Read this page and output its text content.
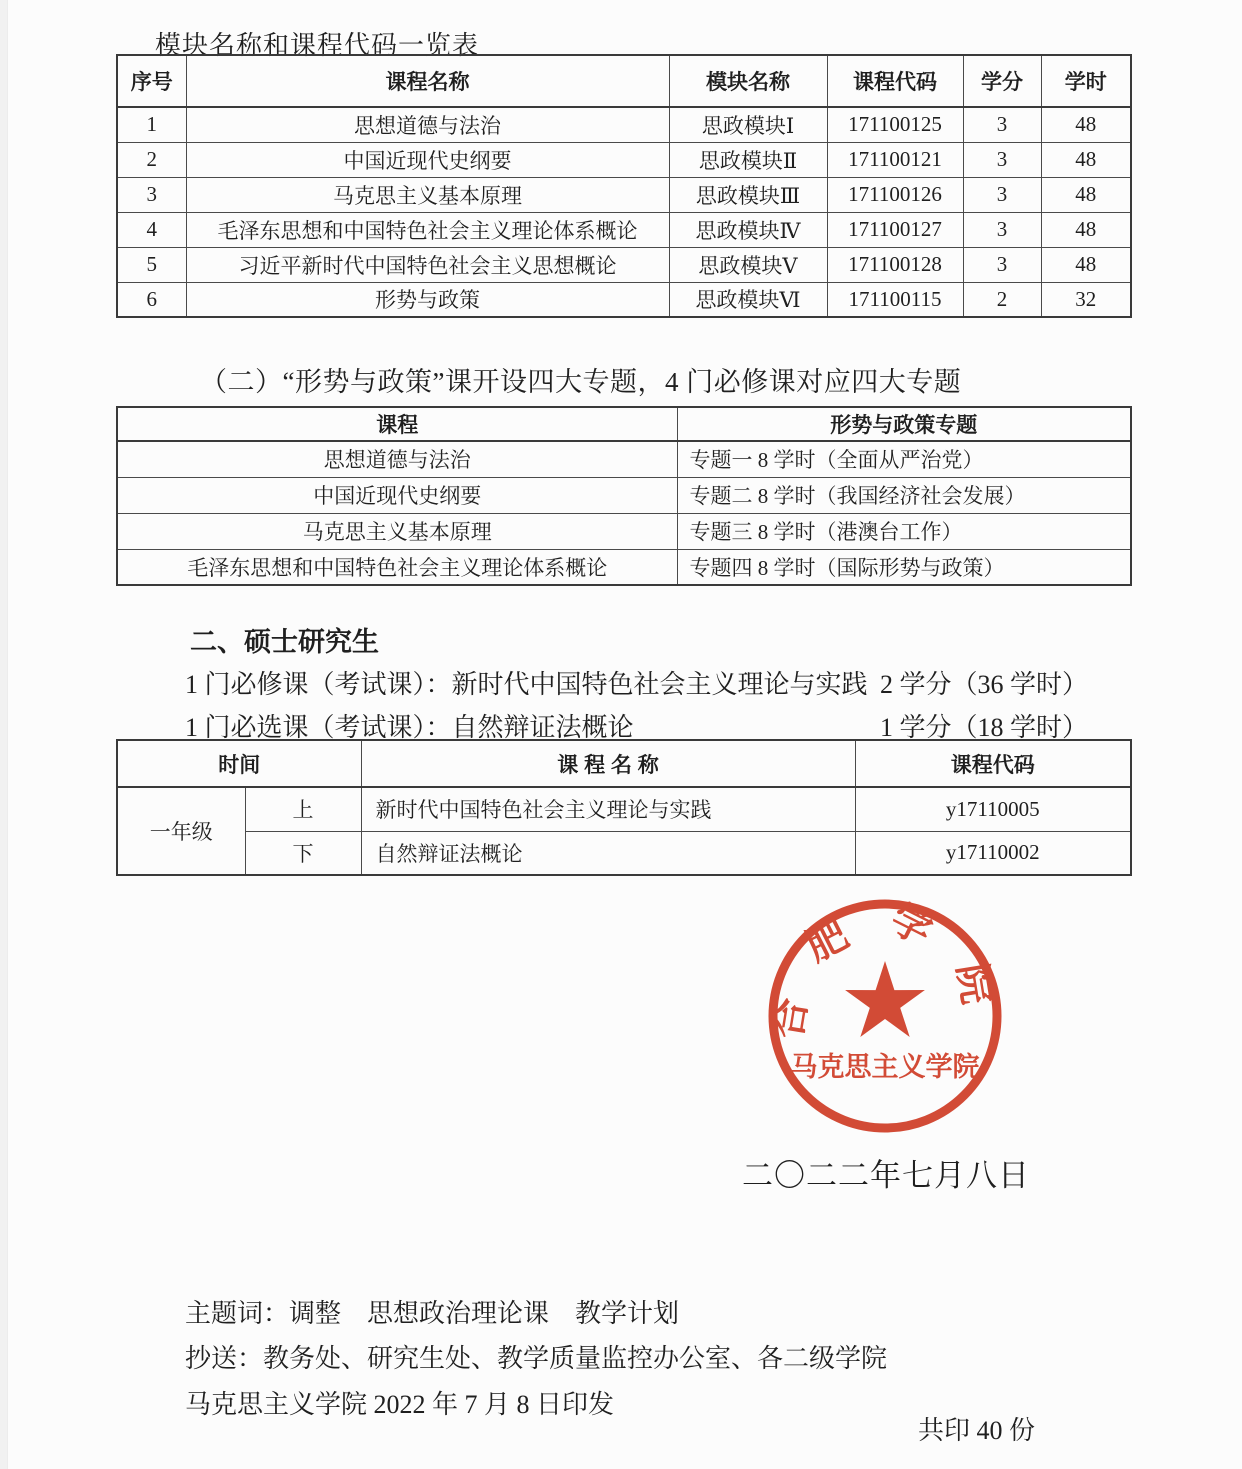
模块名称和课程代码一览表
序号	课程名称	模块名称	课程代码	学分	学时
1	思想道德与法治	思政模块Ⅰ	171100125	3	48
2	中国近现代史纲要	思政模块Ⅱ	171100121	3	48
3	马克思主义基本原理	思政模块Ⅲ	171100126	3	48
4	毛泽东思想和中国特色社会主义理论体系概论	思政模块Ⅳ	171100127	3	48
5	习近平新时代中国特色社会主义思想概论	思政模块Ⅴ	171100128	3	48
6	形势与政策	思政模块Ⅵ	171100115	2	32
（二）“形势与政策”课开设四大专题，4 门必修课对应四大专题
课程	形势与政策专题
思想道德与法治	专题一 8 学时（全面从严治党）
中国近现代史纲要	专题二 8 学时（我国经济社会发展）
马克思主义基本原理	专题三 8 学时（港澳台工作）
毛泽东思想和中国特色社会主义理论体系概论	专题四 8 学时（国际形势与政策）
二、硕士研究生
1 门必修课（考试课）：新时代中国特色社会主义理论与实践 2 学分（36 学时）
1 门必选课（考试课）：自然辩证法概论	1 学分（18 学时）
时间		课 程 名 称	课程代码
一年级	上	新时代中国特色社会主义理论与实践	y17110005
	下	自然辩证法概论	y17110002
合肥学院
马克思主义学院
二〇二二年七月八日
主题词：调整　思想政治理论课　教学计划
抄送：教务处、研究生处、教学质量监控办公室、各二级学院
马克思主义学院 2022 年 7 月 8 日印发
共印 40 份
